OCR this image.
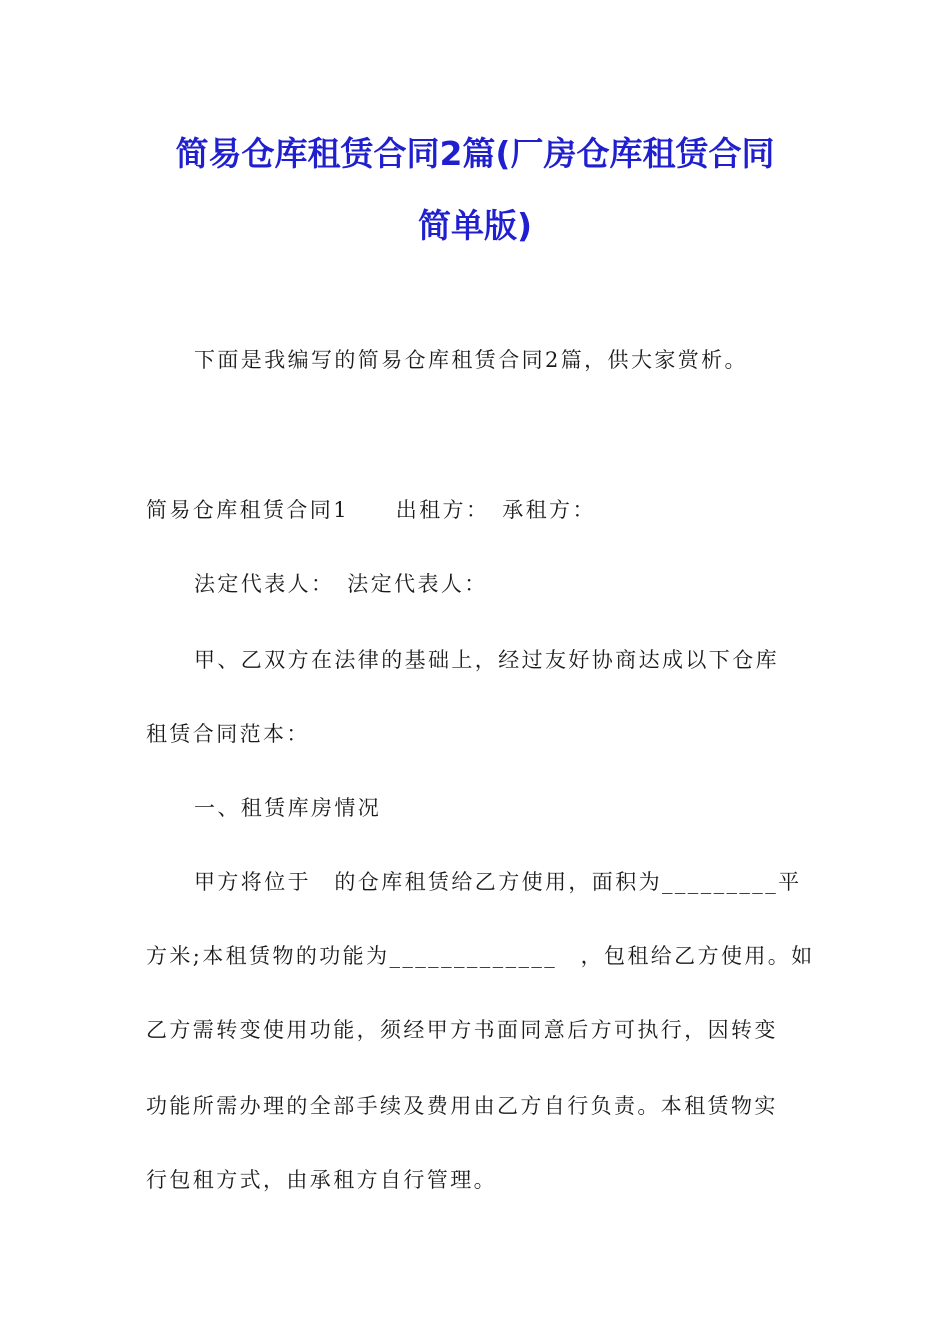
简易仓库租赁合同2篇(厂房仓库租赁合同
简单版)

下面是我编写的简易仓库租赁合同2篇，供大家赏析。

简易仓库租赁合同1　　出租方：　承租方：

法定代表人：　法定代表人：

甲、乙双方在法律的基础上，经过友好协商达成以下仓库

租赁合同范本：

一、租赁库房情况

甲方将位于　的仓库租赁给乙方使用，面积为_________平

方米;本租赁物的功能为_____________　，包租给乙方使用。如

乙方需转变使用功能，须经甲方书面同意后方可执行，因转变

功能所需办理的全部手续及费用由乙方自行负责。本租赁物实

行包租方式，由承租方自行管理。
